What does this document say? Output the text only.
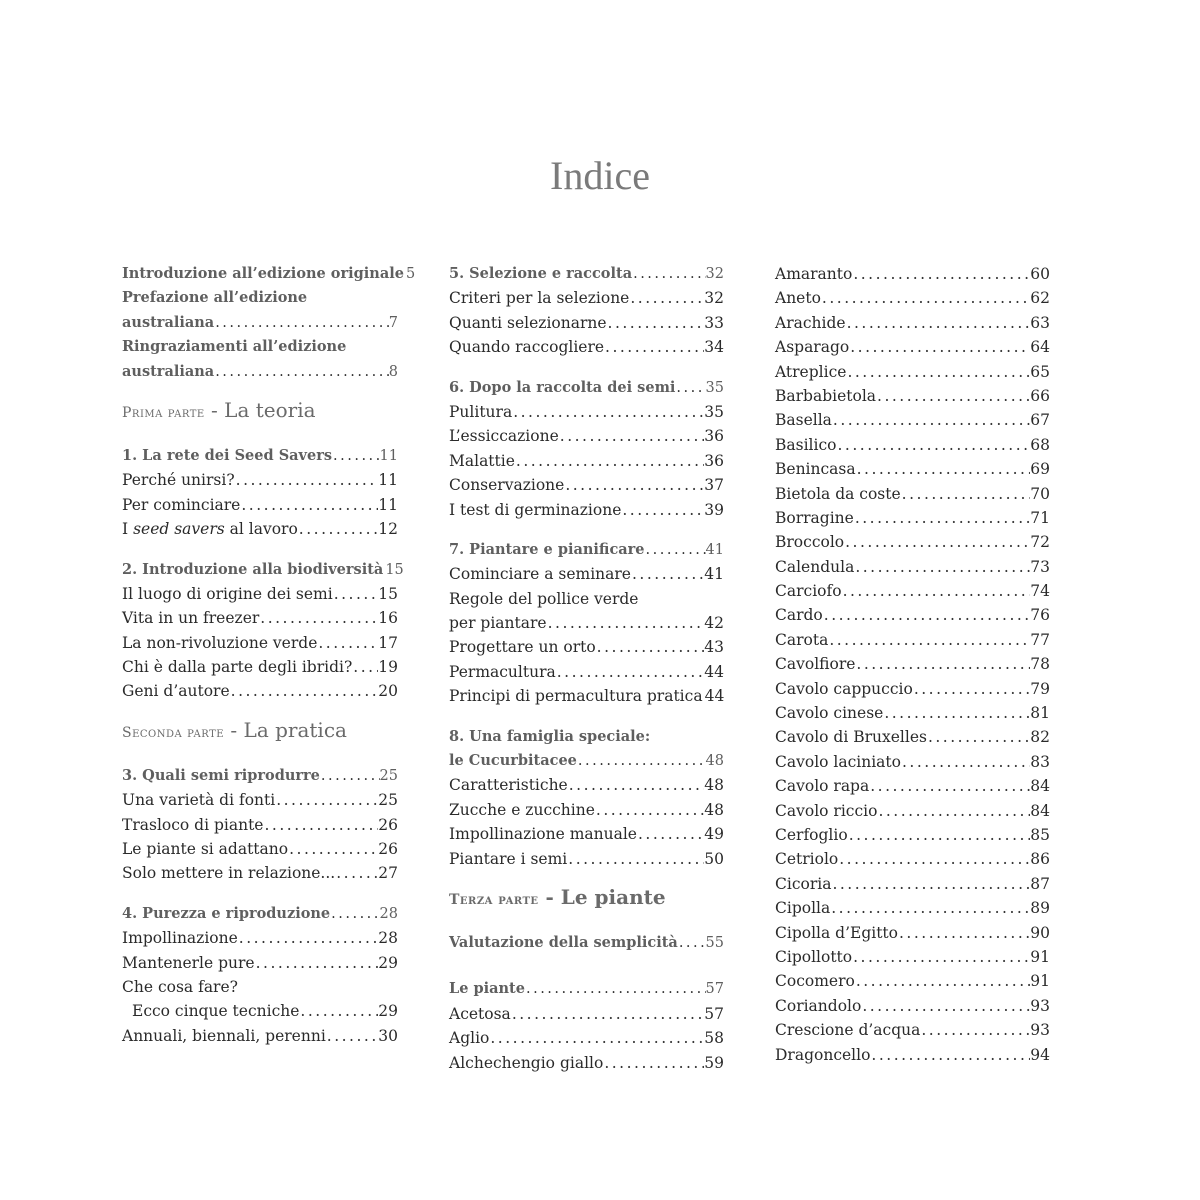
Indice
Introduzione all’edizione originale ..... 5
Prefazione all’edizione
australiana .....	7
Ringraziamenti all’edizione
australiana .....	8
Prima parte - La teoria
1. La rete dei Seed Savers .....	11
Perché unirsi? .....	11
Per cominciare .....	11
I seed savers al lavoro .....	12
2. Introduzione alla biodiversità ..... 15
Il luogo di origine dei semi .....	15
Vita in un freezer .....	16
La non-rivoluzione verde .....	17
Chi è dalla parte degli ibridi? ..... 19
Geni d’autore .....	20
Seconda parte - La pratica
3. Quali semi riprodurre .....	25
Una varietà di fonti .....	25
Trasloco di piante .....	26
Le piante si adattano .....	26
Solo mettere in relazione... .....	27
4. Purezza e riproduzione .....	28
Impollinazione .....	28
Mantenerle pure .....	29
Che cosa fare?
Ecco cinque tecniche .....	29
Annuali, biennali, perenni .....	30
5. Selezione e raccolta .....	32
Criteri per la selezione .....	32
Quanti selezionarne .....	33
Quando raccogliere .....	34
6. Dopo la raccolta dei semi ..... 35
Pulitura .....	35
L’essiccazione .....	36
Malattie .....	36
Conservazione .....	37
I test di germinazione .....	39
7. Piantare e pianificare .....	41
Cominciare a seminare .....	41
Regole del pollice verde
per piantare .....	42
Progettare un orto .....	43
Permacultura .....	44
Principi di permacultura pratica ..... 44
8. Una famiglia speciale:
le Cucurbitacee .....	48
Caratteristiche .....	48
Zucche e zucchine .....	48
Impollinazione manuale .....	49
Piantare i semi .....	50
Terza parte - Le piante
Valutazione della semplicità ..... 55
Le piante .....	57
Acetosa .....	57
Aglio .....	58
Alchechengio giallo .....	59
Amaranto .....	60
Aneto .....	62
Arachide .....	63
Asparago .....	64
Atreplice .....	65
Barbabietola .....	66
Basella .....	67
Basilico .....	68
Benincasa .....	69
Bietola da coste .....	70
Borragine .....	71
Broccolo .....	72
Calendula .....	73
Carciofo .....	74
Cardo .....	76
Carota .....	77
Cavolfiore .....	78
Cavolo cappuccio .....	79
Cavolo cinese .....	81
Cavolo di Bruxelles .....	82
Cavolo laciniato .....	83
Cavolo rapa .....	84
Cavolo riccio .....	84
Cerfoglio .....	85
Cetriolo .....	86
Cicoria .....	87
Cipolla .....	89
Cipolla d’Egitto .....	90
Cipollotto .....	91
Cocomero .....	91
Coriandolo .....	93
Crescione d’acqua .....	93
Dragoncello .....	94
